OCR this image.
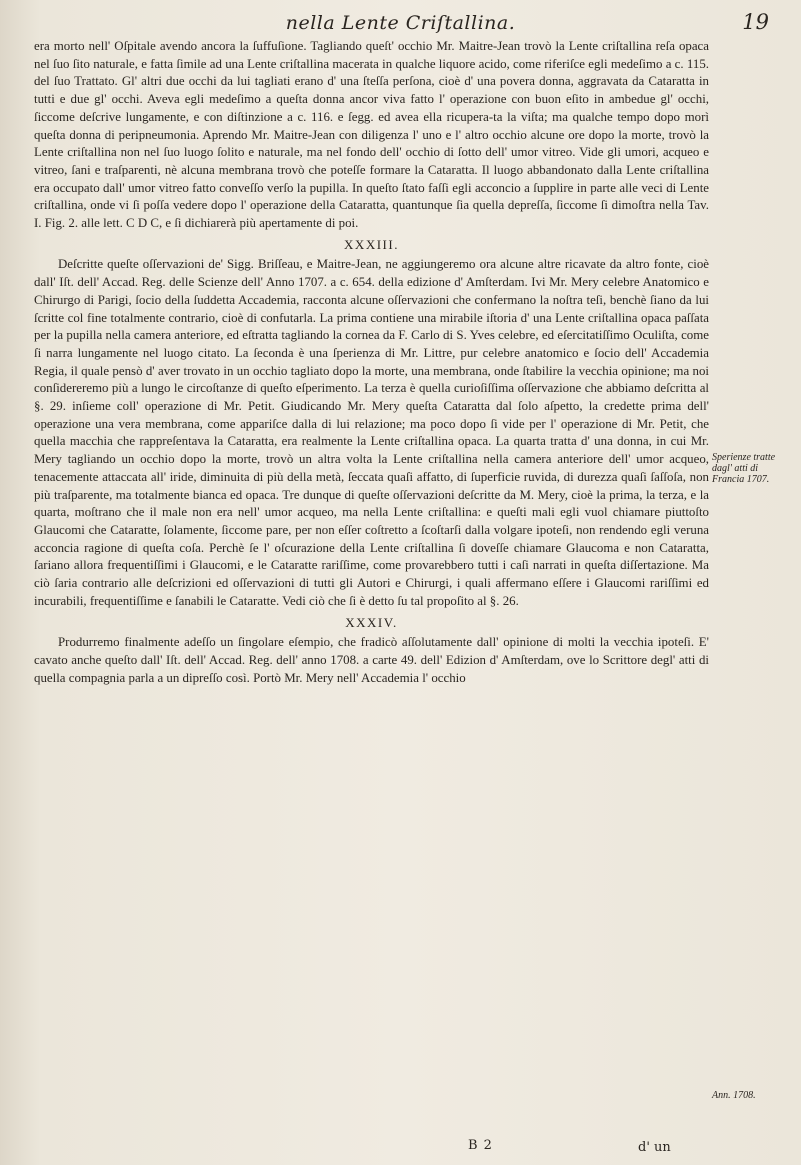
nella Lente Criſtallina.	19

era morto nell' Oſpitale avendo ancora la ſuffuſione. Tagliando queſt' occhio Mr. Maitre-Jean trovò la Lente criſtallina reſa opaca nel ſuo ſito naturale, e fatta ſimile ad una Lente criſtallina macerata in qualche liquore acido, come riferiſce egli medeſimo a c. 115. del ſuo Trattato. Gl' altri due occhi da lui tagliati erano d' una ſteſſa perſona, cioè d' una povera donna, aggravata da Cataratta in tutti e due gl' occhi. Aveva egli medeſimo a queſta donna ancor viva fatto l' operazione con buon eſito in ambedue gl' occhi, ſiccome deſcrive lungamente, e con diſtinzione a c. 116. e ſegg. ed avea ella ricupera-ta la viſta; ma qualche tempo dopo morì queſta donna di peripneumonia. Aprendo Mr. Maitre-Jean con diligenza l' uno e l' altro occhio alcune ore dopo la morte, trovò la Lente criſtallina non nel ſuo luogo ſolito e naturale, ma nel fondo dell' occhio di ſotto dell' umor vitreo. Vide gli umori, acqueo e vitreo, ſani e traſparenti, nè alcuna membrana trovò che poteſſe formare la Cataratta. Il luogo abbandonato dalla Lente criſtallina era occupato dall' umor vitreo fatto conveſſo verſo la pupilla. In queſto ſtato faſſi egli acconcio a ſupplire in parte alle veci di Lente criſtallina, onde vi ſi poſſa vedere dopo l' operazione della Cataratta, quantunque ſia quella depreſſa, ſiccome ſi dimoſtra nella Tav. I. Fig. 2. alle lett. C D C, e ſi dichiarerà più apertamente di poi.

XXXIII.

Deſcritte queſte oſſervazioni de' Sigg. Briſſeau, e Maitre-Jean, ne aggiungeremo ora alcune altre ricavate da altro fonte, cioè dall' Iſt. dell' Accad. Reg. delle Scienze dell' Anno 1707. a c. 654. della edizione d' Amſterdam. Ivi Mr. Mery celebre Anatomico e Chirurgo di Parigi, ſocio della ſuddetta Accademia, racconta alcune oſſervazioni che confermano la noſtra teſi, benchè ſiano da lui ſcritte col fine totalmente contrario, cioè di confutarla. La prima contiene una mirabile iſtoria d' una Lente criſtallina opaca paſſata per la pupilla nella camera anteriore, ed eſtratta tagliando la cornea da F. Carlo di S. Yves celebre, ed eſercitatiſſimo Oculiſta, come ſi narra lungamente nel luogo citato. La ſeconda è una ſperienza di Mr. Littre, pur celebre anatomico e ſocio dell' Accademia Regia, il quale pensò d' aver trovato in un occhio tagliato dopo la morte, una membrana, onde ſtabilire la vecchia opinione; ma noi conſidereremo più a lungo le circoſtanze di queſto eſperimento. La terza è quella curioſiſſima oſſervazione che abbiamo deſcritta al §. 29. inſieme coll' operazione di Mr. Petit. Giudicando Mr. Mery queſta Cataratta dal ſolo aſpetto, la credette prima dell' operazione una vera membrana, come appariſce dalla di lui relazione; ma poco dopo ſi vide per l' operazione di Mr. Petit, che quella macchia che rappreſentava la Cataratta, era realmente la Lente criſtallina opaca. La quarta tratta d' una donna, in cui Mr. Mery tagliando un occhio dopo la morte, trovò un altra volta la Lente criſtallina nella camera anteriore dell' umor acqueo, tenacemente attaccata all' iride, diminuita di più della metà, ſeccata quaſi affatto, di ſuperficie ruvida, di durezza quaſi ſaſſoſa, non più traſparente, ma totalmente bianca ed opaca. Tre dunque di queſte oſſervazioni deſcritte da M. Mery, cioè la prima, la terza, e la quarta, moſtrano che il male non era nell' umor acqueo, ma nella Lente criſtallina: e queſti mali egli vuol chiamare piuttoſto Glaucomi che Cataratte, ſolamente, ſiccome pare, per non eſſer coſtretto a ſcoſtarſi dalla volgare ipoteſi, non rendendo egli veruna acconcia ragione di queſta coſa. Perchè ſe l' oſcurazione della Lente criſtallina ſi doveſſe chiamare Glaucoma e non Cataratta, ſariano allora frequentiſſimi i Glaucomi, e le Cataratte rariſſime, come provarebbero tutti i caſi narrati in queſta diſſertazione. Ma ciò ſaria contrario alle deſcrizioni ed oſſervazioni di tutti gli Autori e Chirurgi, i quali affermano eſſere i Glaucomi rariſſimi ed incurabili, frequentiſſime e ſanabili le Cataratte. Vedi ciò che ſi è detto ſu tal propoſito al §. 26.

XXXIV.

Produrremo finalmente adeſſo un ſingolare eſempio, che fradicò aſſolutamente dall' opinione di molti la vecchia ipoteſi. E' cavato anche queſto dall' Iſt. dell' Accad. Reg. dell' anno 1708. a carte 49. dell' Edizion d' Amſterdam, ove lo Scrittore degl' atti di quella compagnia parla a un dipreſſo così. Portò Mr. Mery nell' Accademia l' occhio

Sperienze tratte dagl' atti di Francia 1707.
Ann. 1708.
B 2	d' un
